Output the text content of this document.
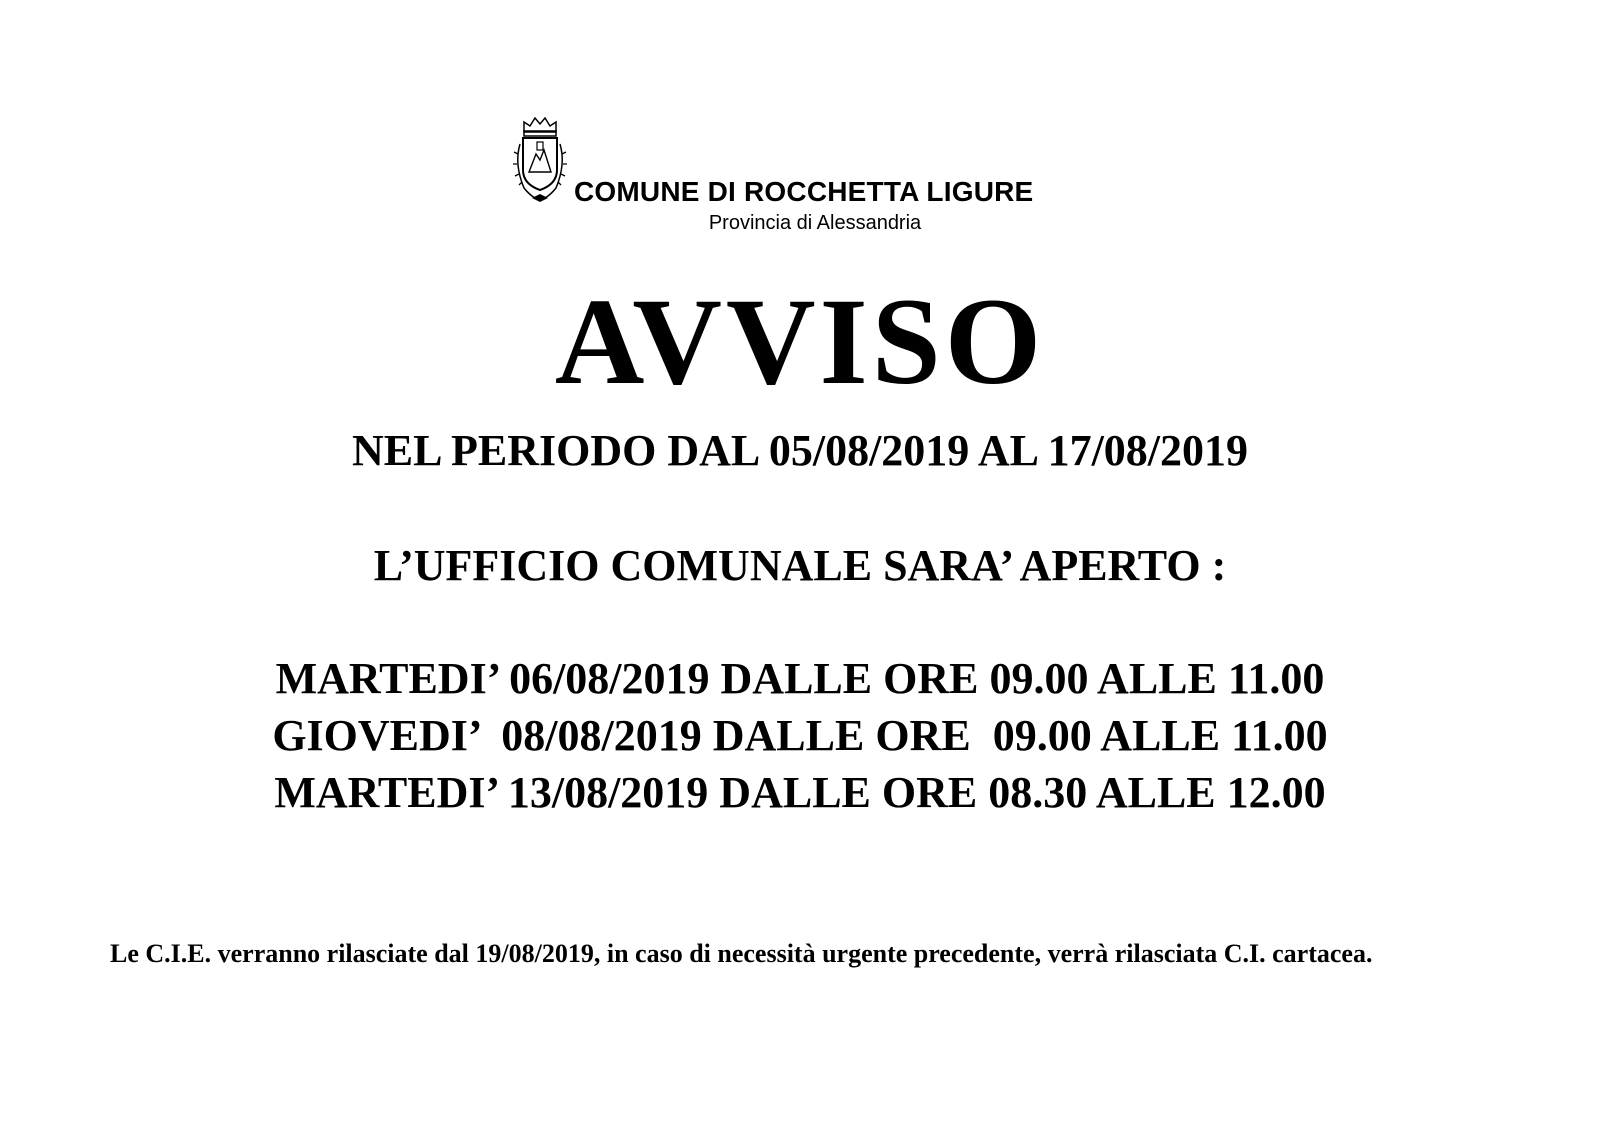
COMUNE DI ROCCHETTA LIGURE
Provincia di Alessandria
AVVISO
NEL PERIODO DAL 05/08/2019 AL 17/08/2019
L’UFFICIO COMUNALE SARA’ APERTO :
MARTEDI’ 06/08/2019 DALLE ORE 09.00 ALLE 11.00
GIOVEDI’  08/08/2019 DALLE ORE  09.00 ALLE 11.00
MARTEDI’ 13/08/2019 DALLE ORE 08.30 ALLE 12.00
Le C.I.E. verranno rilasciate dal 19/08/2019, in caso di necessità urgente precedente, verrà rilasciata C.I. cartacea.
